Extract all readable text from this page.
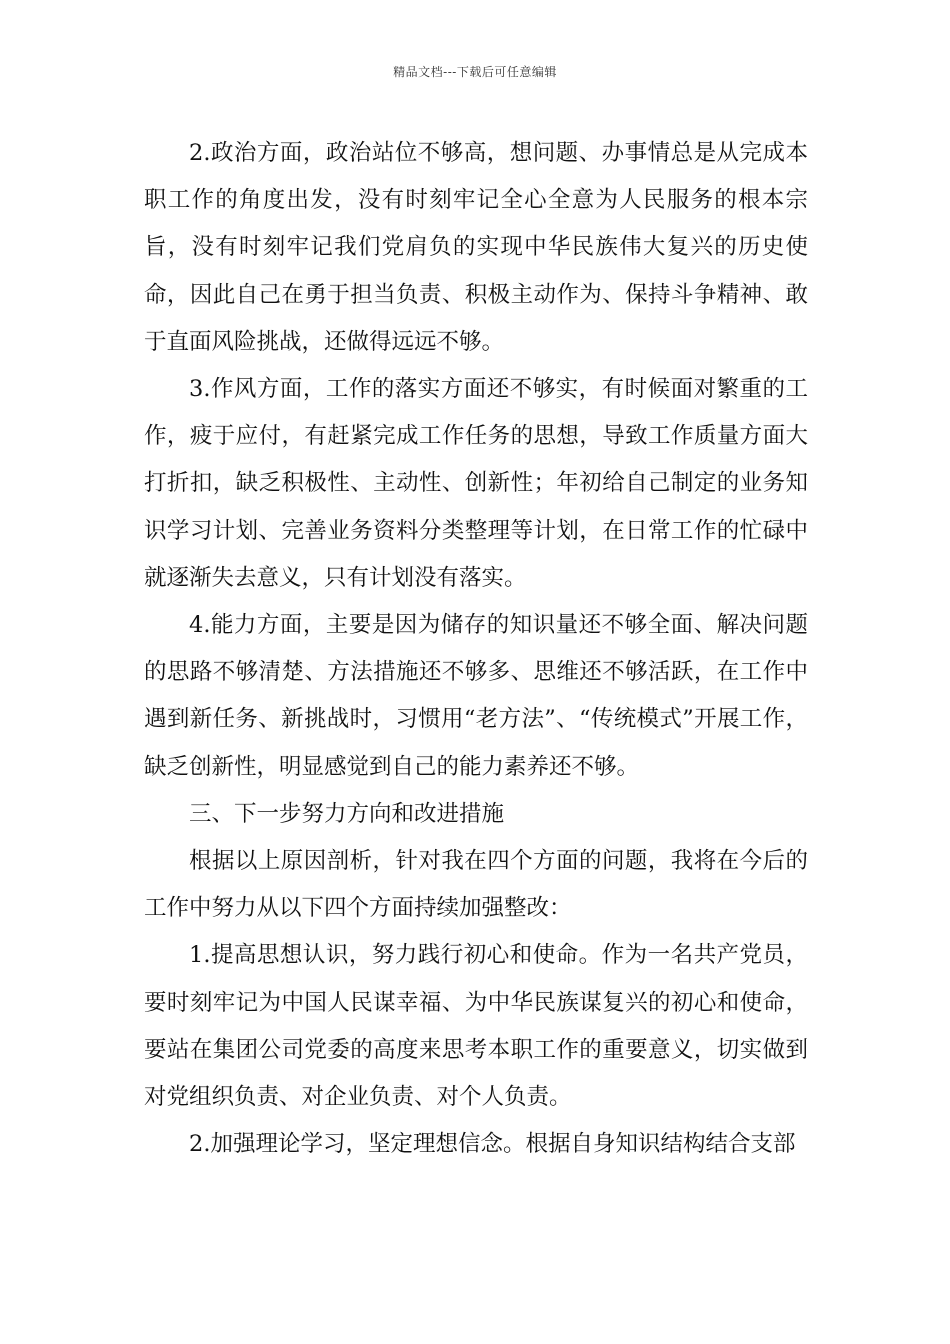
精品文档---下载后可任意编辑

2.政治方面，政治站位不够高，想问题、办事情总是从完成本职工作的角度出发，没有时刻牢记全心全意为人民服务的根本宗旨，没有时刻牢记我们党肩负的实现中华民族伟大复兴的历史使命，因此自己在勇于担当负责、积极主动作为、保持斗争精神、敢于直面风险挑战，还做得远远不够。

3.作风方面，工作的落实方面还不够实，有时候面对繁重的工作，疲于应付，有赶紧完成工作任务的思想，导致工作质量方面大打折扣，缺乏积极性、主动性、创新性；年初给自己制定的业务知识学习计划、完善业务资料分类整理等计划，在日常工作的忙碌中就逐渐失去意义，只有计划没有落实。

4.能力方面，主要是因为储存的知识量还不够全面、解决问题的思路不够清楚、方法措施还不够多、思维还不够活跃，在工作中遇到新任务、新挑战时，习惯用“老方法”、“传统模式”开展工作，缺乏创新性，明显感觉到自己的能力素养还不够。

三、下一步努力方向和改进措施

根据以上原因剖析，针对我在四个方面的问题，我将在今后的工作中努力从以下四个方面持续加强整改：

1.提高思想认识，努力践行初心和使命。作为一名共产党员，要时刻牢记为中国人民谋幸福、为中华民族谋复兴的初心和使命，要站在集团公司党委的高度来思考本职工作的重要意义，切实做到对党组织负责、对企业负责、对个人负责。

2.加强理论学习，坚定理想信念。根据自身知识结构结合支部
